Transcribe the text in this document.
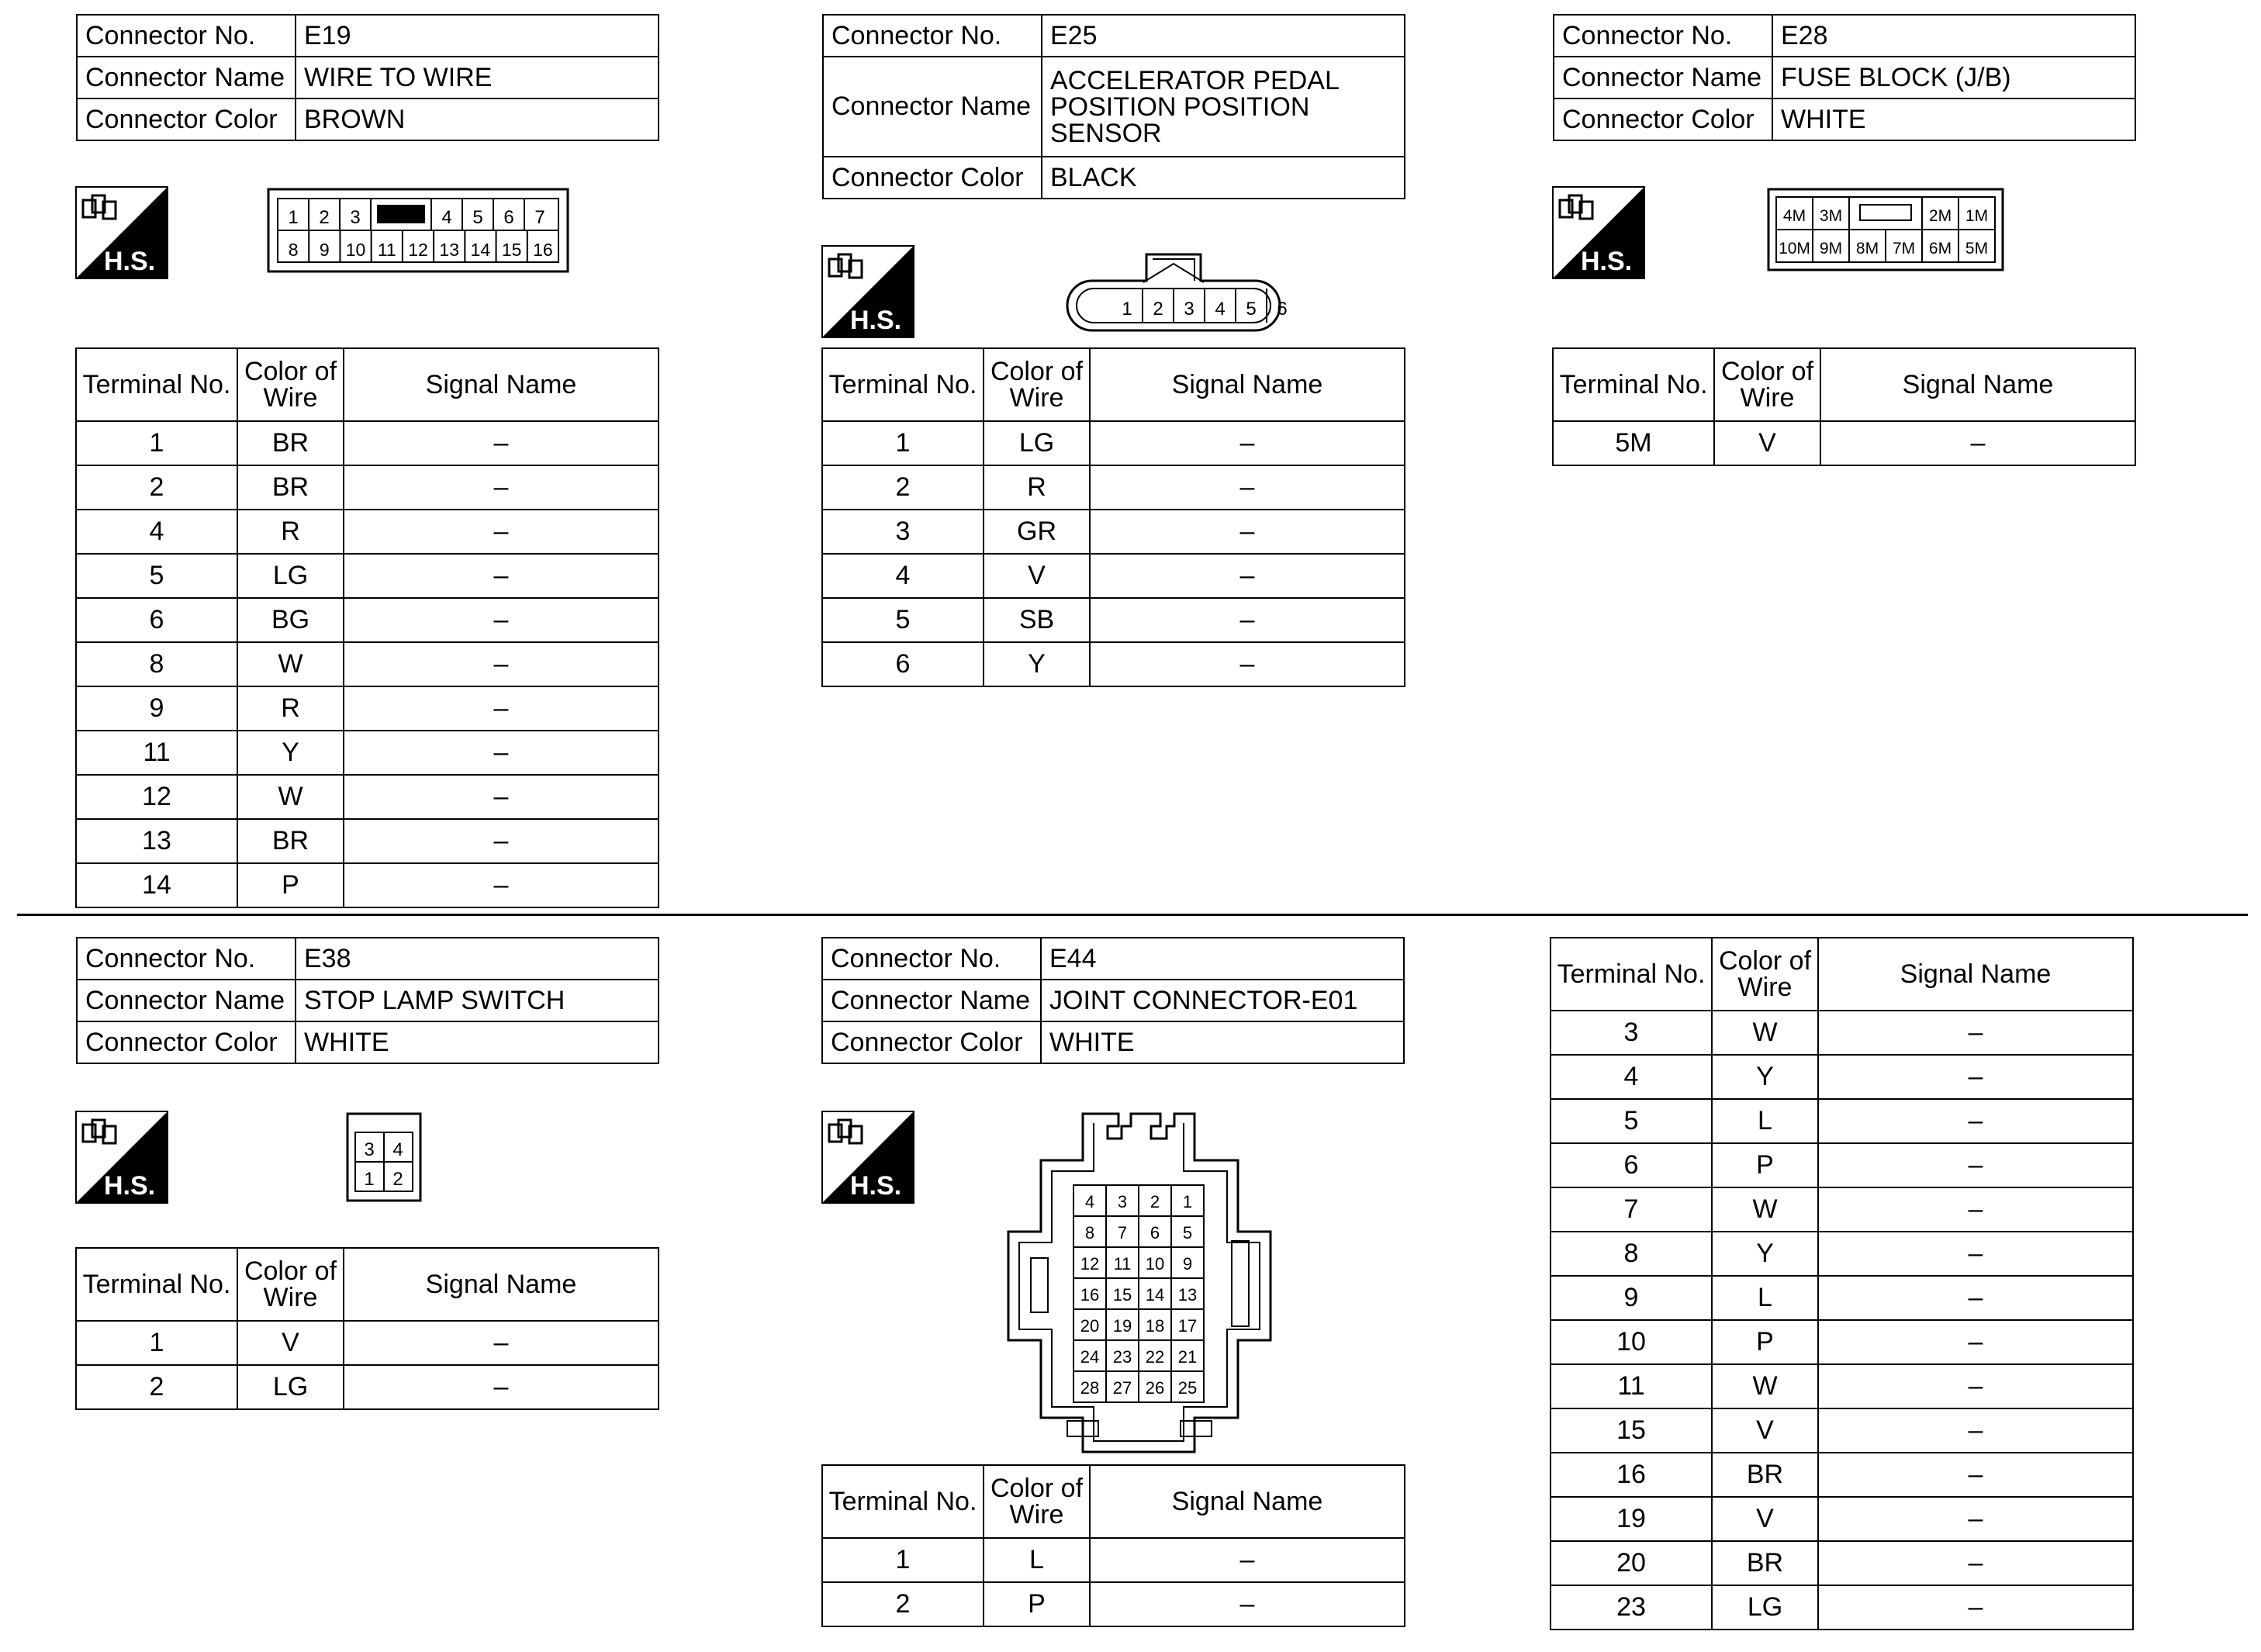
Connector No.	E19
Connector Name	WIRE TO WIRE
Connector Color	BROWN
H.S.
1 2 3	4 5 6 7
8 9 10 11 12 13 14 15 16
Terminal No.	Color of Wire	Signal Name
1	BR	–
2	BR	–
4	R	–
5	LG	–
6	BG	–
8	W	–
9	R	–
11	Y	–
12	W	–
13	BR	–
14	P	–
Connector No.	E25
Connector Name	ACCELERATOR PEDAL POSITION POSITION SENSOR
Connector Color	BLACK
H.S.	1 2 3 4 5 6
Terminal No.	Color of Wire	Signal Name
1	LG	–
2	R	–
3	GR	–
4	V	–
5	SB	–
6	Y	–
Connector No.	E28
Connector Name	FUSE BLOCK (J/B)
Connector Color	WHITE
H.S.
4M 3M	2M 1M
10M 9M 8M 7M 6M 5M
Terminal No.	Color of Wire	Signal Name
5M	V	–
Connector No.	E38
Connector Name	STOP LAMP SWITCH
Connector Color	WHITE
H.S.
3 4
1 2
Terminal No.	Color of Wire	Signal Name
1	V	–
2	LG	–
Connector No.	E44
Connector Name	JOINT CONNECTOR-E01
Connector Color	WHITE
H.S.
4 3 2 1
8 7 6 5
12 11 10 9
16 15 14 13
20 19 18 17
24 23 22 21
28 27 26 25
Terminal No.	Color of Wire	Signal Name
1	L	–
2	P	–
Terminal No.	Color of Wire	Signal Name
3	W	–
4	Y	–
5	L	–
6	P	–
7	W	–
8	Y	–
9	L	–
10	P	–
11	W	–
15	V	–
16	BR	–
19	V	–
20	BR	–
23	LG	–
